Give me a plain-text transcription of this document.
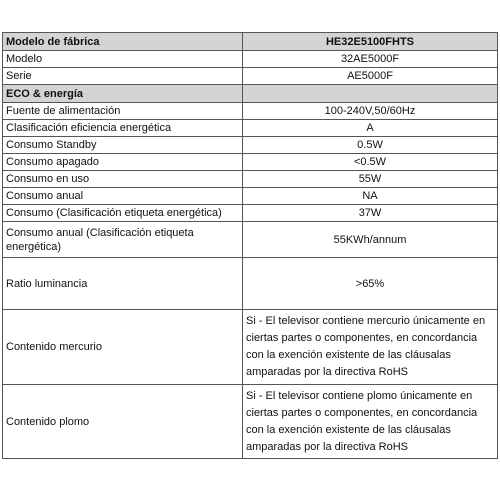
Modelo de fábrica	HE32E5100FHTS
Modelo	32AE5000F
Serie	AE5000F
ECO & energía	
Fuente de alimentación	100-240V,50/60Hz
Clasificación eficiencia energética	A
Consumo Standby	0.5W
Consumo apagado	<0.5W
Consumo en uso	55W
Consumo anual	NA
Consumo (Clasificación etiqueta energética)	37W
Consumo anual (Clasificación etiqueta energética)	55KWh/annum
Ratio luminancia	>65%
Contenido mercurio	Si - El televisor contiene mercurio únicamente en ciertas partes o componentes, en concordancia con la exención existente de las cláusalas amparadas por la directiva RoHS
Contenido plomo	Si - El televisor contiene plomo únicamente en ciertas partes o componentes, en concordancia con la exención existente de las cláusalas amparadas por la directiva RoHS
